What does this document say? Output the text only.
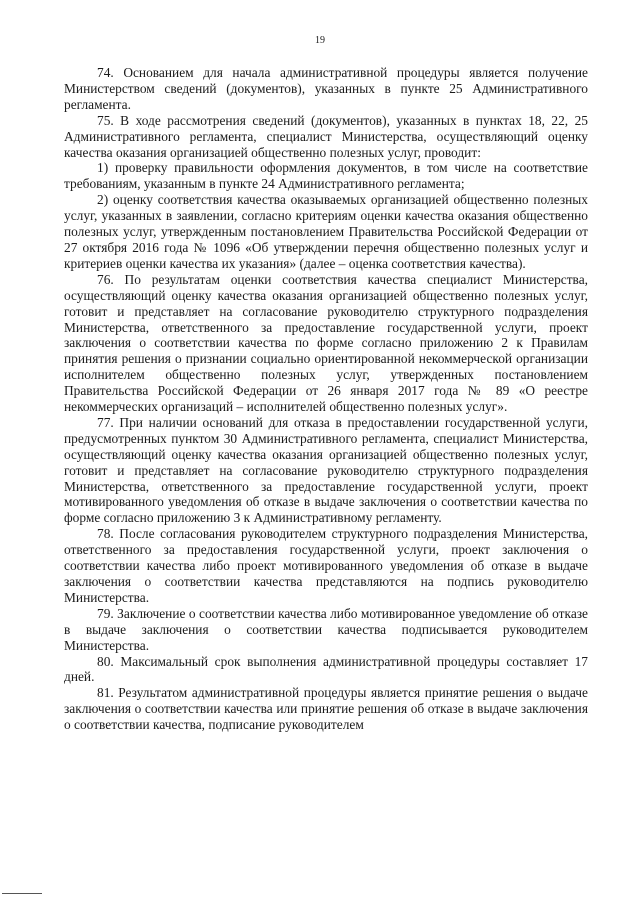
19

74. Основанием для начала административной процедуры является получение Министерством сведений (документов), указанных в пункте 25 Административного регламента.

75. В ходе рассмотрения сведений (документов), указанных в пунктах 18, 22, 25 Административного регламента, специалист Министерства, осуществляющий оценку качества оказания организацией общественно полезных услуг, проводит:

1) проверку правильности оформления документов, в том числе на соответствие требованиям, указанным в пункте 24 Административного регламента;

2) оценку соответствия качества оказываемых организацией общественно полезных услуг, указанных в заявлении, согласно критериям оценки качества оказания общественно полезных услуг, утвержденным постановлением Правительства Российской Федерации от 27 октября 2016 года № 1096 «Об утверждении перечня общественно полезных услуг и критериев оценки качества их указания» (далее – оценка соответствия качества).

76. По результатам оценки соответствия качества специалист Министерства, осуществляющий оценку качества оказания организацией общественно полезных услуг, готовит и представляет на согласование руководителю структурного подразделения Министерства, ответственного за предоставление государственной услуги, проект заключения о соответствии качества по форме согласно приложению 2 к Правилам принятия решения о признании социально ориентированной некоммерческой организации исполнителем общественно полезных услуг, утвержденных постановлением Правительства Российской Федерации от 26 января 2017 года № 89 «О реестре некоммерческих организаций – исполнителей общественно полезных услуг».

77. При наличии оснований для отказа в предоставлении государственной услуги, предусмотренных пунктом 30 Административного регламента, специалист Министерства, осуществляющий оценку качества оказания организацией общественно полезных услуг, готовит и представляет на согласование руководителю структурного подразделения Министерства, ответственного за предоставление государственной услуги, проект мотивированного уведомления об отказе в выдаче заключения о соответствии качества по форме согласно приложению 3 к Административному регламенту.

78. После согласования руководителем структурного подразделения Министерства, ответственного за предоставления государственной услуги, проект заключения о соответствии качества либо проект мотивированного уведомления об отказе в выдаче заключения о соответствии качества представляются на подпись руководителю Министерства.

79. Заключение о соответствии качества либо мотивированное уведомление об отказе в выдаче заключения о соответствии качества подписывается руководителем Министерства.

80. Максимальный срок выполнения административной процедуры составляет 17 дней.

81. Результатом административной процедуры является принятие решения о выдаче заключения о соответствии качества или принятие решения об отказе в выдаче заключения о соответствии качества, подписание руководителем
